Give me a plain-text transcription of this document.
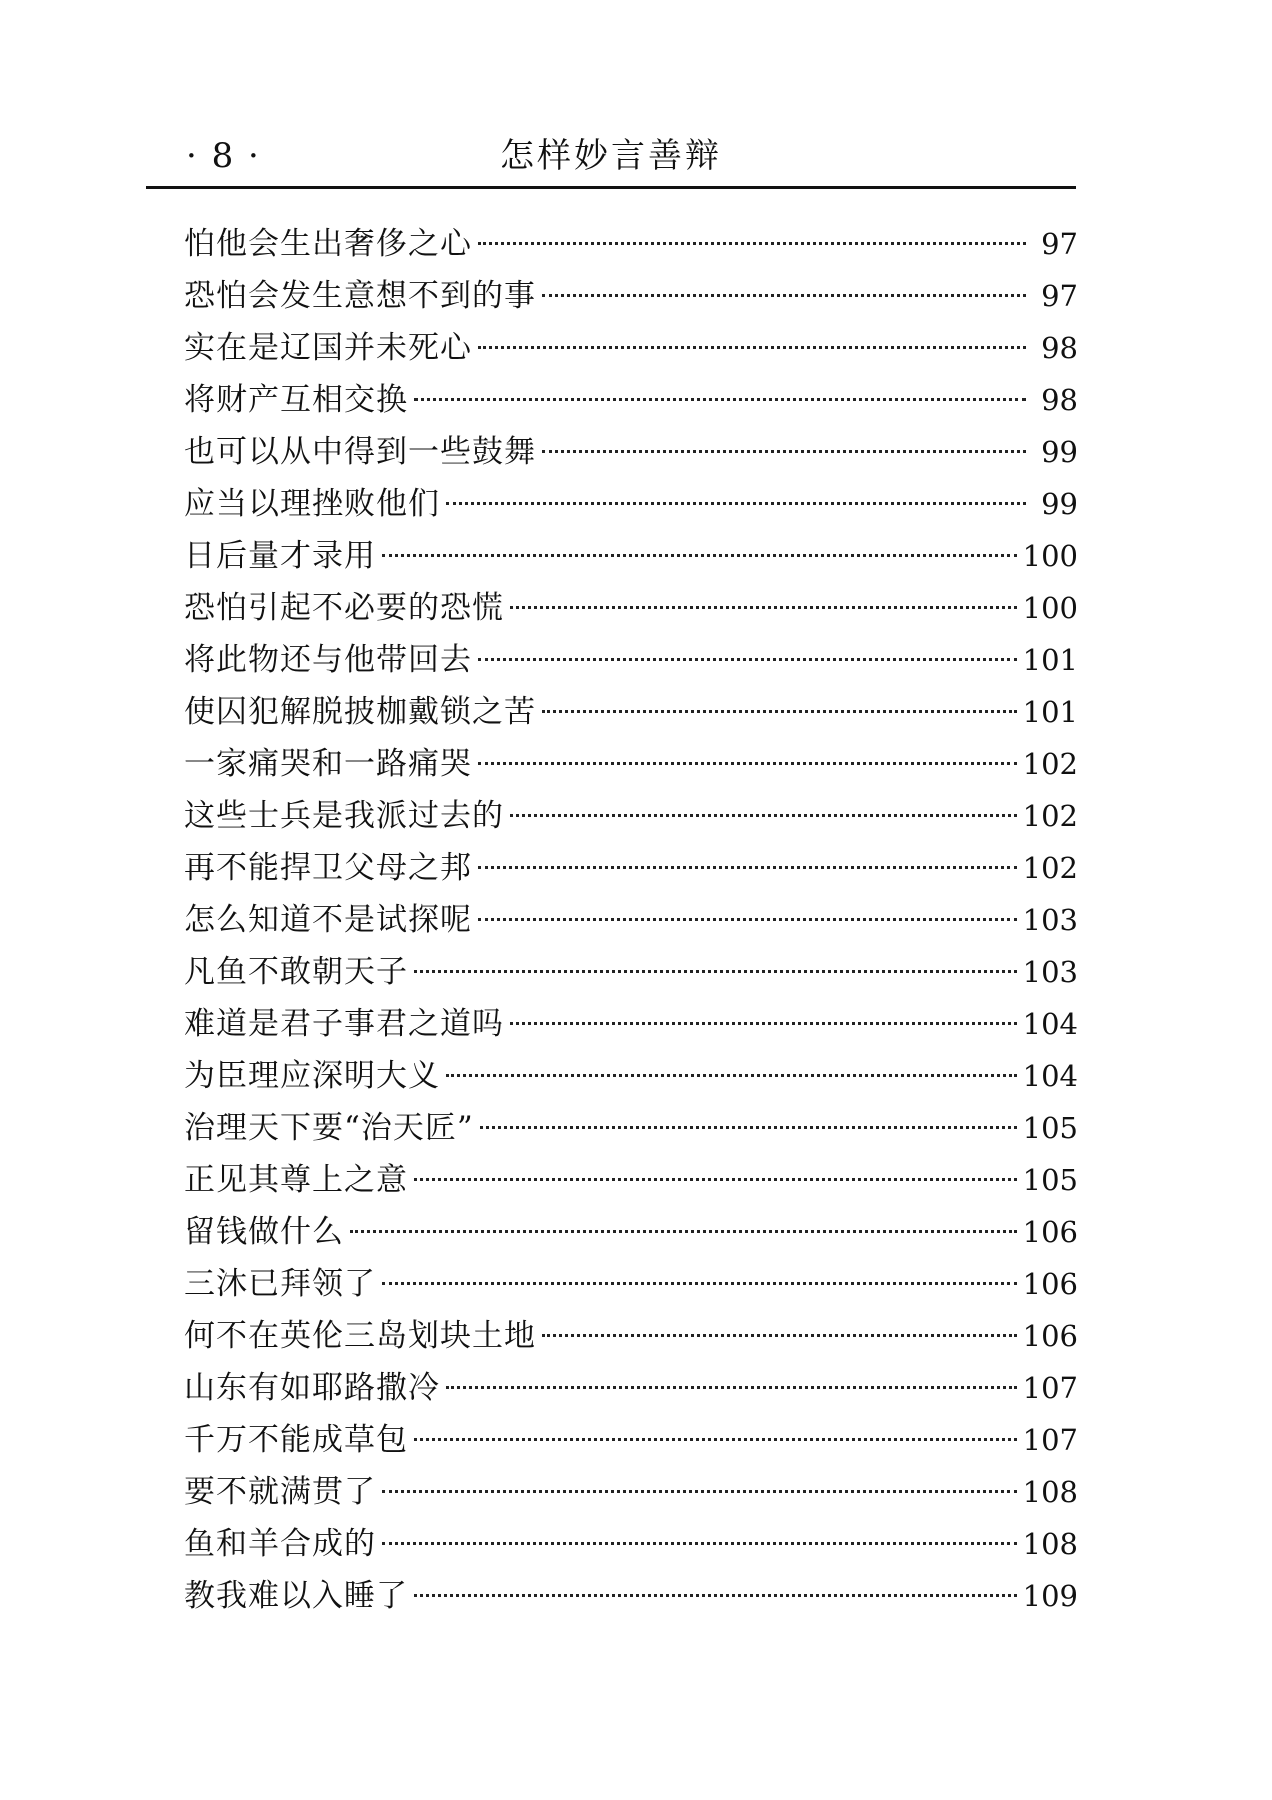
· 8 ·	怎样妙言善辩
怕他会生出奢侈之心	97
恐怕会发生意想不到的事	97
实在是辽国并未死心	98
将财产互相交换	98
也可以从中得到一些鼓舞	99
应当以理挫败他们	99
日后量才录用	100
恐怕引起不必要的恐慌	100
将此物还与他带回去	101
使囚犯解脱披枷戴锁之苦	101
一家痛哭和一路痛哭	102
这些士兵是我派过去的	102
再不能捍卫父母之邦	102
怎么知道不是试探呢	103
凡鱼不敢朝天子	103
难道是君子事君之道吗	104
为臣理应深明大义	104
治理天下要“治天匠”	105
正见其尊上之意	105
留钱做什么	106
三沐已拜领了	106
何不在英伦三岛划块土地	106
山东有如耶路撒冷	107
千万不能成草包	107
要不就满贯了	108
鱼和羊合成的	108
教我难以入睡了	109
